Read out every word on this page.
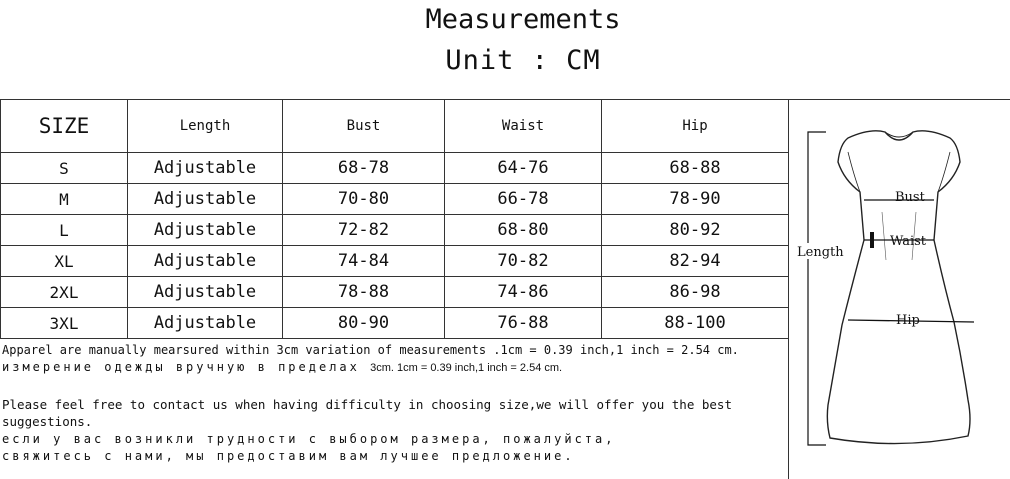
Measurements
Unit : CM
SIZE	Length	Bust	Waist	Hip
S	Adjustable	68-78	64-76	68-88
M	Adjustable	70-80	66-78	78-90
L	Adjustable	72-82	68-80	80-92
XL	Adjustable	74-84	70-82	82-94
2XL	Adjustable	78-88	74-86	86-98
3XL	Adjustable	80-90	76-88	88-100
Apparel are manually mearsured within 3cm variation of measurements .1cm = 0.39 inch,1 inch = 2.54 cm.
измерение одежды вручную в пределах 3cm. 1cm = 0.39 inch,1 inch = 2.54 cm.
Please feel free to contact us when having difficulty in choosing size,we will offer you the best suggestions.
если у вас возникли трудности с выбором размера, пожалуйста,
свяжитесь с нами, мы предоставим вам лучшее предложение.
Length
Bust
Waist
Hip
